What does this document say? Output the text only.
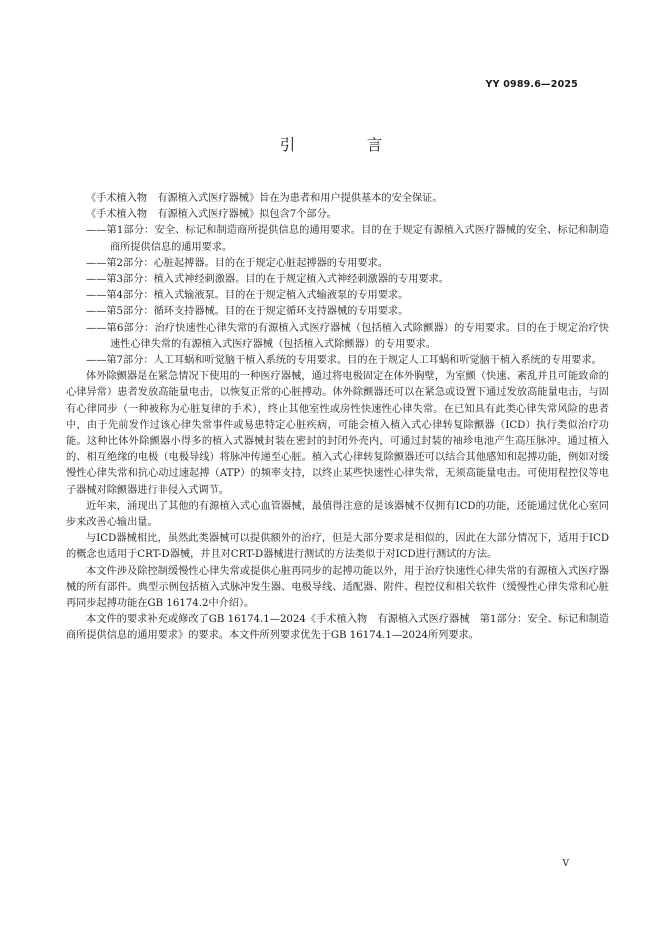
YY 0989.6—2025
引　言

《手术植入物　有源植入式医疗器械》旨在为患者和用户提供基本的安全保证。

《手术植入物　有源植入式医疗器械》拟包含7个部分。

——第1部分：安全、标记和制造商所提供信息的通用要求。目的在于规定有源植入式医疗器械的安全、标记和制造商所提供信息的通用要求。

——第2部分：心脏起搏器。目的在于规定心脏起搏器的专用要求。

——第3部分：植入式神经刺激器。目的在于规定植入式神经刺激器的专用要求。

——第4部分：植入式输液泵。目的在于规定植入式输液泵的专用要求。

——第5部分：循环支持器械。目的在于规定循环支持器械的专用要求。

——第6部分：治疗快速性心律失常的有源植入式医疗器械（包括植入式除颤器）的专用要求。目的在于规定治疗快速性心律失常的有源植入式医疗器械（包括植入式除颤器）的专用要求。

——第7部分：人工耳蜗和听觉脑干植入系统的专用要求。目的在于规定人工耳蜗和听觉脑干植入系统的专用要求。

体外除颤器是在紧急情况下使用的一种医疗器械，通过将电极固定在体外胸壁，为室颤（快速、紊乱并且可能致命的心律异常）患者发放高能量电击，以恢复正常的心脏搏动。体外除颤器还可以在紧急或设置下通过发放高能量电击，与固有心律同步（一种被称为心脏复律的手术），终止其他室性或房性快速性心律失常。在已知具有此类心律失常风险的患者中，由于先前发作过该心律失常事件或易患特定心脏疾病，可能会植入植入式心律转复除颤器（ICD）执行类似治疗功能。这种比体外除颤器小得多的植入式器械封装在密封的封闭外壳内，可通过封装的袖珍电池产生高压脉冲。通过植入的、相互绝缘的电极（电极导线）将脉冲传递至心脏。植入式心律转复除颤器还可以结合其他感知和起搏功能，例如对缓慢性心律失常和抗心动过速起搏（ATP）的频率支持，以终止某些快速性心律失常，无须高能量电击。可使用程控仪等电子器械对除颤器进行非侵入式调节。

近年来，涌现出了其他的有源植入式心血管器械，最值得注意的是该器械不仅拥有ICD的功能，还能通过优化心室同步来改善心输出量。

与ICD器械相比，虽然此类器械可以提供额外的治疗，但是大部分要求是相似的，因此在大部分情况下，适用于ICD的概念也适用于CRT-D器械，并且对CRT-D器械进行测试的方法类似于对ICD进行测试的方法。

本文件涉及除控制缓慢性心律失常或提供心脏再同步的起搏功能以外，用于治疗快速性心律失常的有源植入式医疗器械的所有部件。典型示例包括植入式脉冲发生器、电极导线、适配器、附件、程控仪和相关软件（缓慢性心律失常和心脏再同步起搏功能在GB 16174.2中介绍）。

本文件的要求补充或修改了GB 16174.1—2024《手术植入物　有源植入式医疗器械　第1部分：安全、标记和制造商所提供信息的通用要求》的要求。本文件所列要求优先于GB 16174.1—2024所列要求。

V
